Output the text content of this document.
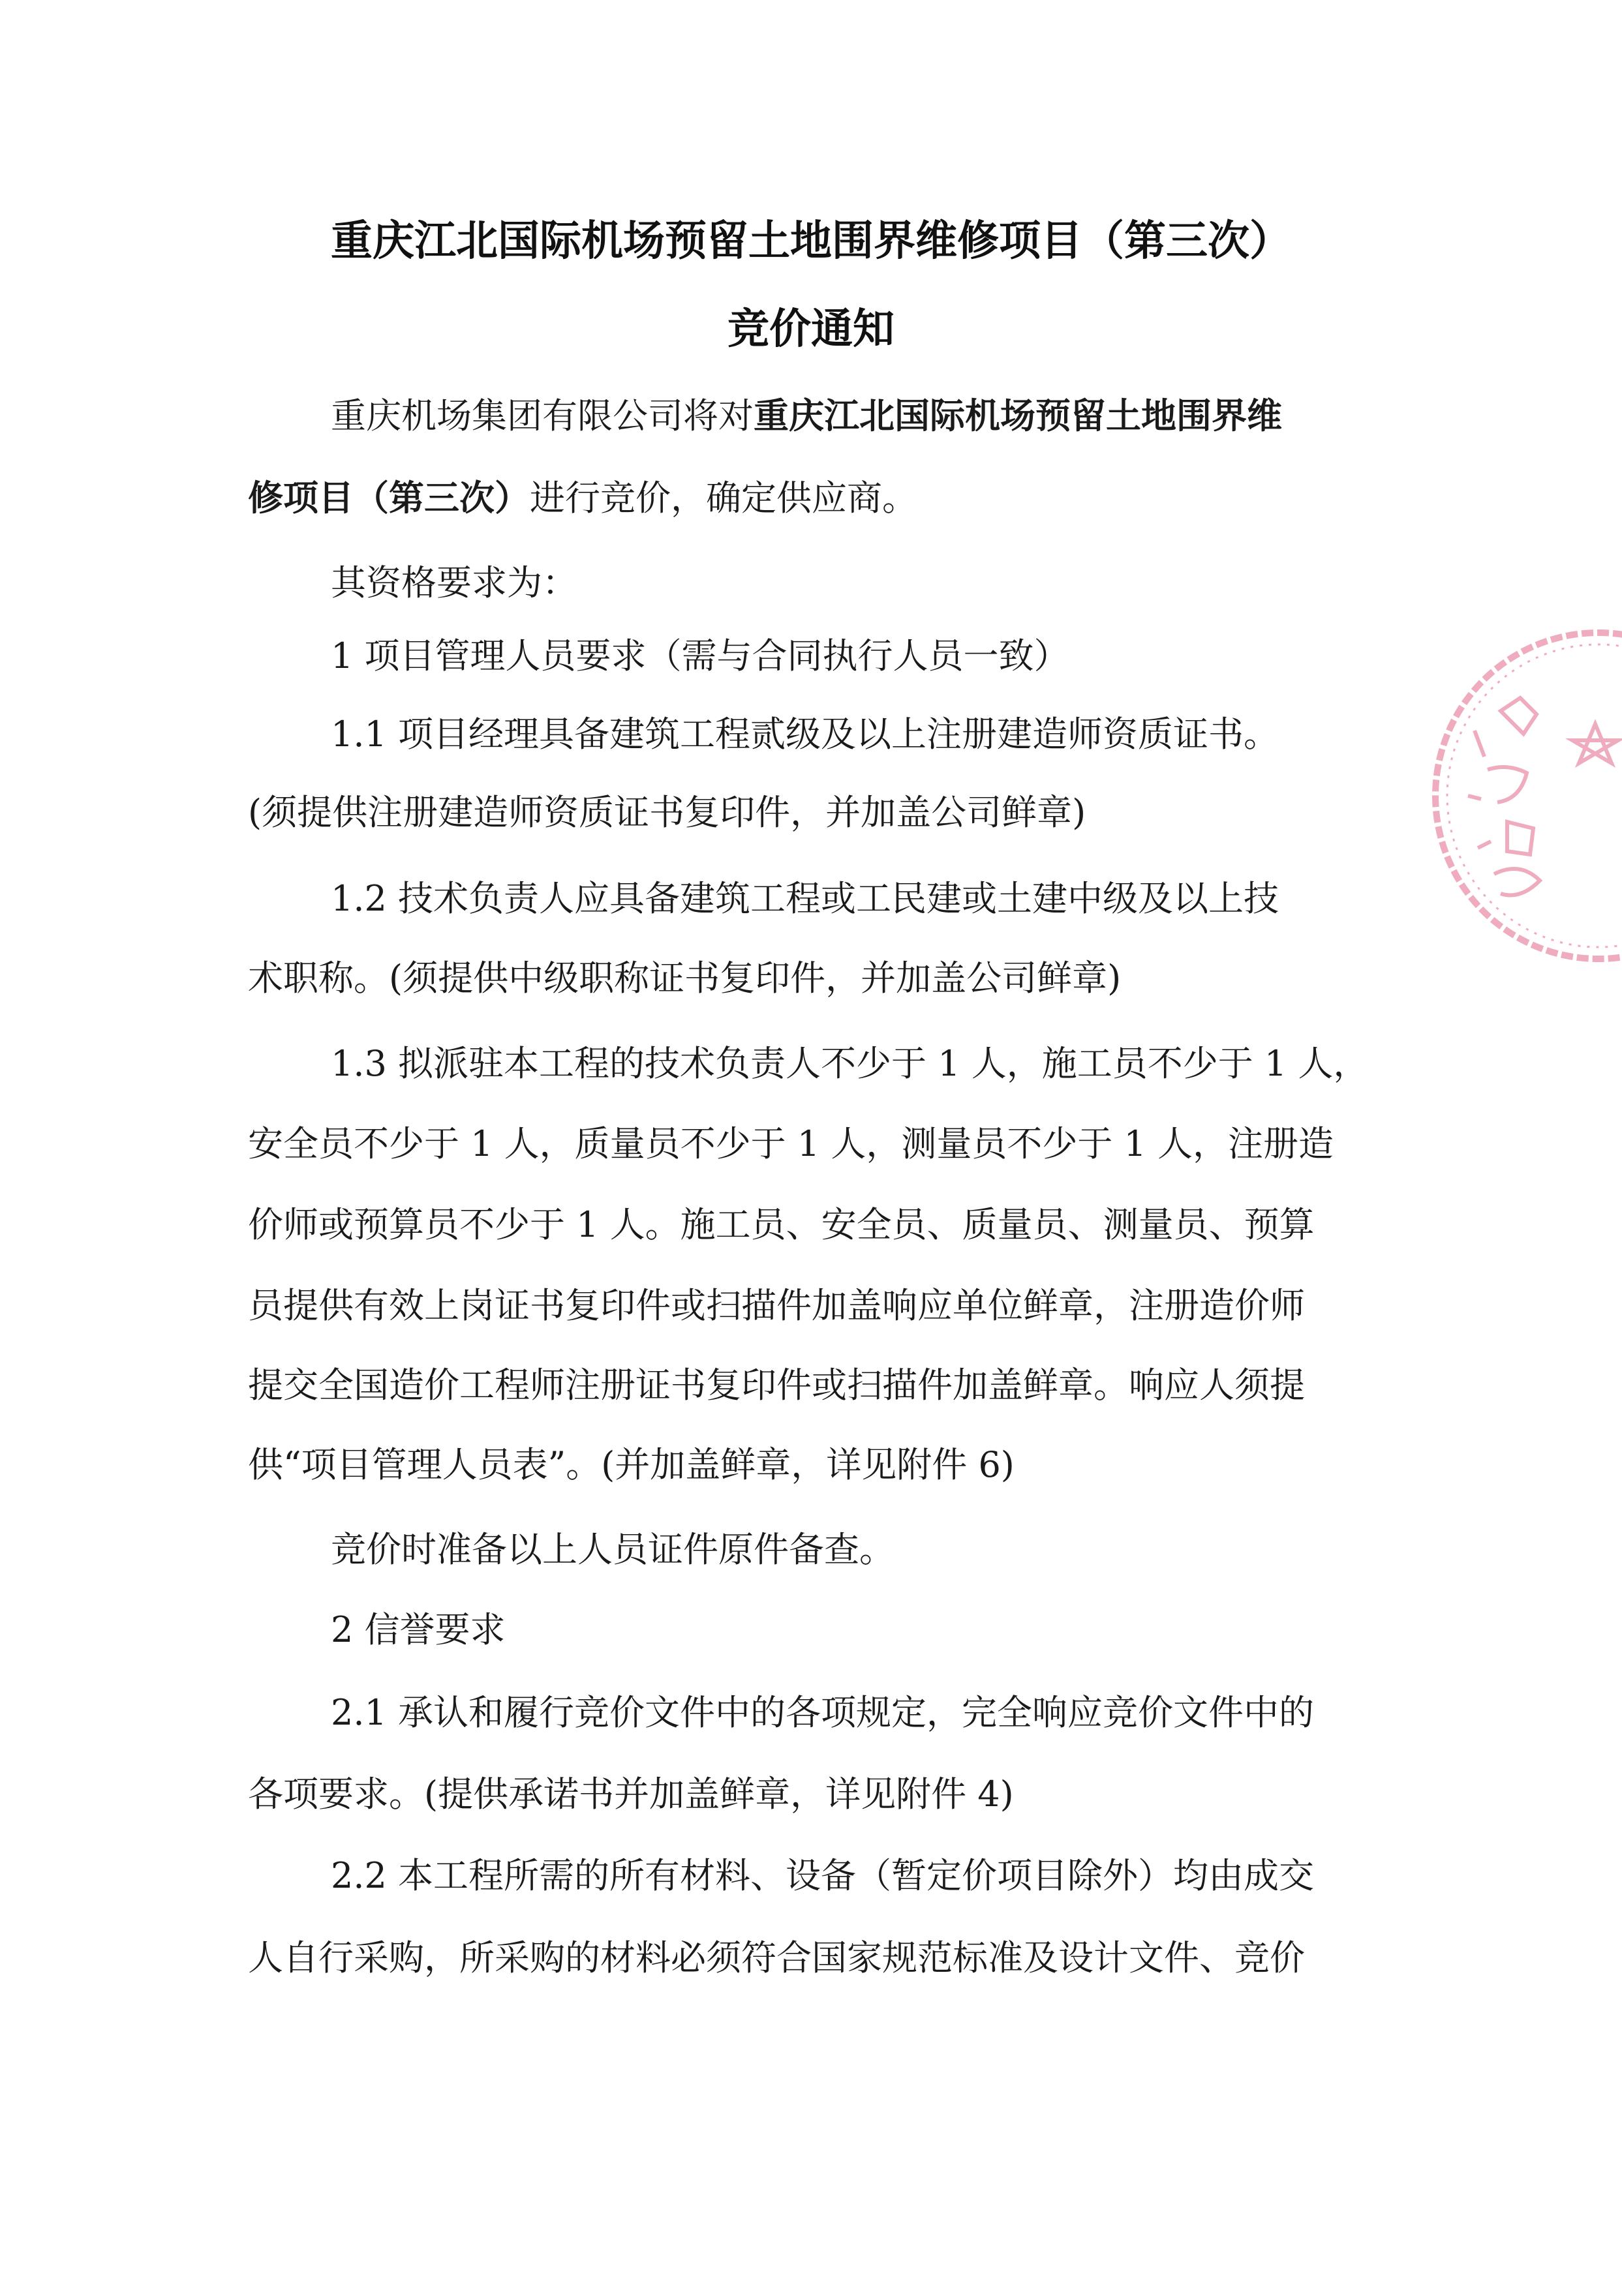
重庆江北国际机场预留土地围界维修项目（第三次）
竞价通知
重庆机场集团有限公司将对重庆江北国际机场预留土地围界维
修项目（第三次）进行竞价，确定供应商。
其资格要求为：
1 项目管理人员要求（需与合同执行人员一致）
1.1 项目经理具备建筑工程贰级及以上注册建造师资质证书。
(须提供注册建造师资质证书复印件，并加盖公司鲜章)
1.2 技术负责人应具备建筑工程或工民建或土建中级及以上技
术职称。(须提供中级职称证书复印件，并加盖公司鲜章)
1.3 拟派驻本工程的技术负责人不少于 1 人，施工员不少于 1 人，
安全员不少于 1 人，质量员不少于 1 人，测量员不少于 1 人，注册造
价师或预算员不少于 1 人。施工员、安全员、质量员、测量员、预算
员提供有效上岗证书复印件或扫描件加盖响应单位鲜章，注册造价师
提交全国造价工程师注册证书复印件或扫描件加盖鲜章。响应人须提
供“项目管理人员表”。(并加盖鲜章，详见附件 6)
竞价时准备以上人员证件原件备查。
2 信誉要求
2.1 承认和履行竞价文件中的各项规定，完全响应竞价文件中的
各项要求。(提供承诺书并加盖鲜章，详见附件 4)
2.2 本工程所需的所有材料、设备（暂定价项目除外）均由成交
人自行采购，所采购的材料必须符合国家规范标准及设计文件、竞价
